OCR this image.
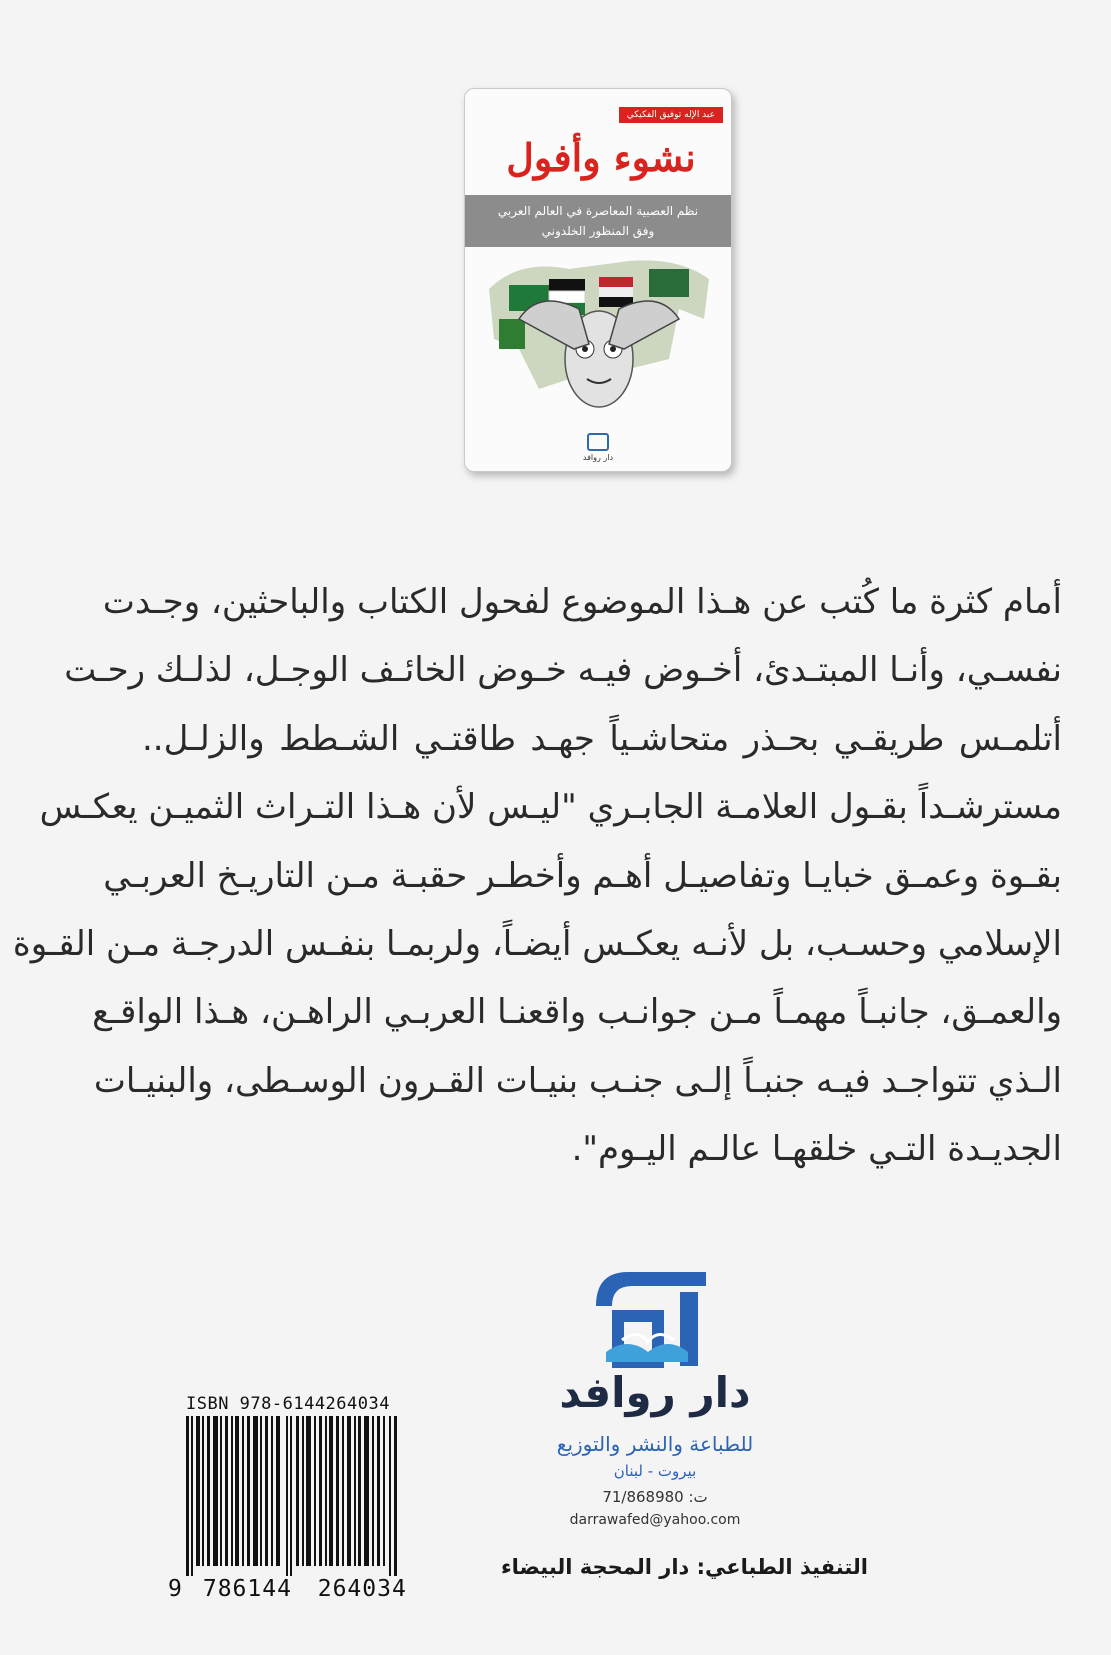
عبد الإله توفيق الفكيكي
نشوء وأفول
نظم العصبية المعاصرة في العالم العربي
وفق المنظور الخلدوني
دار روافد
أمام كثرة ما كُتب عن هـذا الموضوع لفحول الكتاب والباحثين، وجـدت
نفسـي، وأنـا المبتـدئ، أخـوض فيـه خـوض الخائـف الوجـل، لذلـك رحـت
أتلمـس طريقـي بحـذر متحاشـياً جهـد طاقتـي الشـطط والزلـل..
مسترشـداً بقـول العلامـة الجابـري "ليـس لأن هـذا التـراث الثميـن يعكـس
بقـوة وعمـق خبايـا وتفاصيـل أهـم وأخطـر حقبـة مـن التاريـخ العربـي
الإسلامي وحسـب، بل لأنـه يعكـس أيضـاً، ولربمـا بنفـس الدرجـة مـن القـوة
والعمـق، جانبـاً مهمـاً مـن جوانـب واقعنـا العربـي الراهـن، هـذا الواقـع
الـذي تتواجـد فيـه جنبـاً إلـى جنـب بنيـات القـرون الوسـطى، والبنيـات
الجديـدة التـي خلقهـا عالـم اليـوم".
دار روافد
للطباعة والنشر والتوزيع
بيروت - لبنان
ت: 71/868980
darrawafed@yahoo.com
التنفيذ الطباعي: دار المحجة البيضاء
ISBN 978-6144264034
9 786144 264034
